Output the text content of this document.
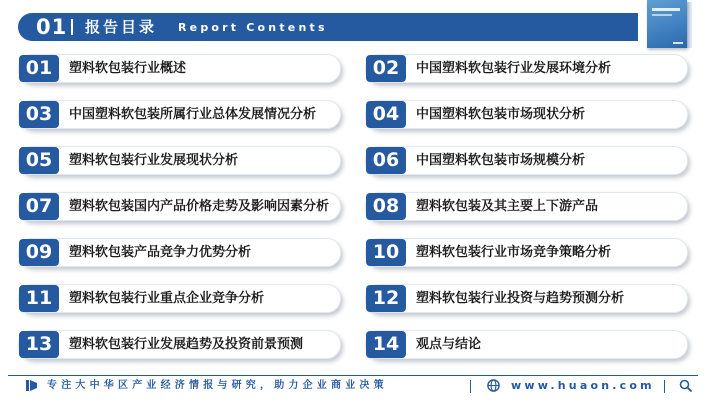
01 报告目录 Report Contents
01	塑料软包装行业概述	02	中国塑料软包装行业发展环境分析
03	中国塑料软包装所属行业总体发展情况分析	04	中国塑料软包装市场现状分析
05	塑料软包装行业发展现状分析	06	中国塑料软包装市场规模分析
07	塑料软包装国内产品价格走势及影响因素分析	08	塑料软包装及其主要上下游产品
09	塑料软包装产品竞争力优势分析	10	塑料软包装行业市场竞争策略分析
11	塑料软包装行业重点企业竞争分析	12	塑料软包装行业投资与趋势预测分析
13	塑料软包装行业发展趋势及投资前景预测	14	观点与结论
专注大中华区产业经济情报与研究，助力企业商业决策	www.huaon.com
